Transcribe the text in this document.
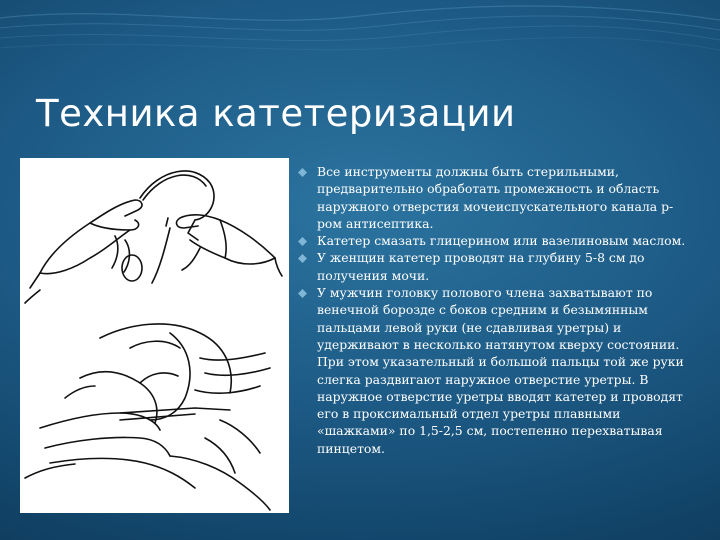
Техника катетеризации
Все инструменты должны быть стерильными, предварительно обработать промежность и область наружного отверстия мочеиспускательного канала р-ром антисептика.
Катетер смазать глицерином или вазелиновым маслом.
У женщин катетер проводят на глубину 5-8 см до получения мочи.
У мужчин головку полового члена захватывают по венечной борозде с боков средним и безымянным пальцами левой руки (не сдавливая уретры) и удерживают в несколько натянутом кверху состоянии. При этом указательный и большой пальцы той же руки слегка раздвигают наружное отверстие уретры. В наружное отверстие уретры вводят катетер и проводят его в проксимальный отдел уретры плавными «шажками» по 1,5-2,5 см, постепенно перехватывая пинцетом.
